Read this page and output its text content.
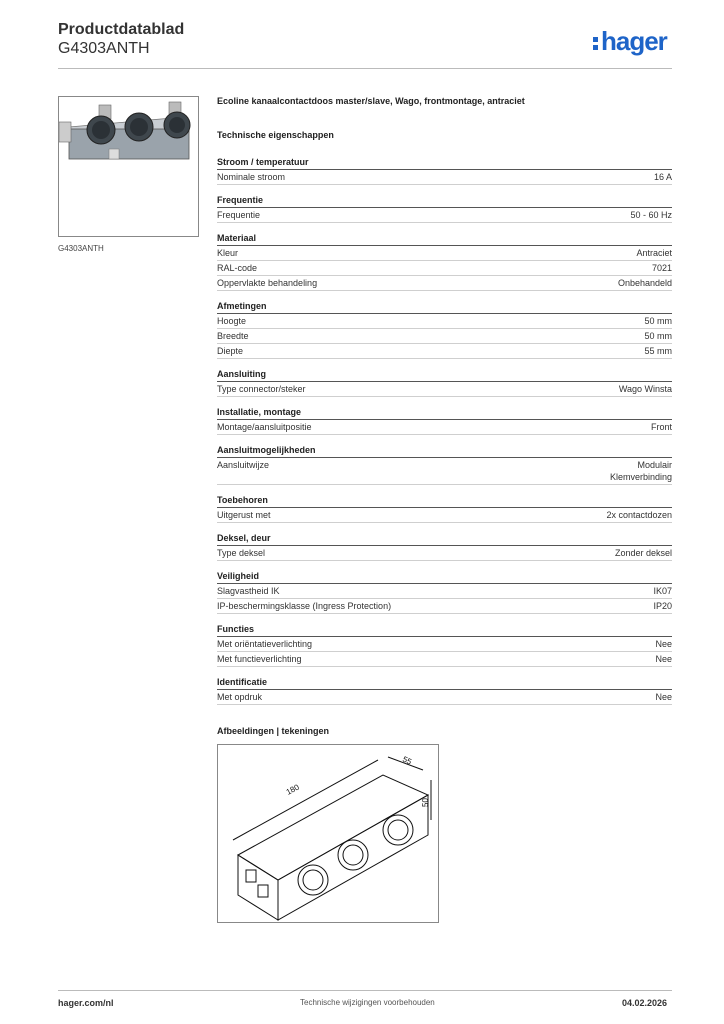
Productdatablad
G4303ANTH	hager
G4303ANTH
Ecoline kanaalcontactdoos master/slave, Wago, frontmontage, antraciet
Technische eigenschappen
Stroom / temperatuur
Nominale stroom	16 A
Frequentie
Frequentie	50 - 60 Hz
Materiaal
Kleur	Antraciet
RAL-code	7021
Oppervlakte behandeling	Onbehandeld
Afmetingen
Hoogte	50 mm
Breedte	50 mm
Diepte	55 mm
Aansluiting
Type connector/steker	Wago Winsta
Installatie, montage
Montage/aansluitpositie	Front
Aansluitmogelijkheden
Aansluitwijze	Modulair
Klemverbinding
Toebehoren
Uitgerust met	2x contactdozen
Deksel, deur
Type deksel	Zonder deksel
Veiligheid
Slagvastheid IK	IK07
IP-beschermingsklasse (Ingress Protection)	IP20
Functies
Met oriëntatieverlichting	Nee
Met functieverlichting	Nee
Identificatie
Met opdruk	Nee
Afbeeldingen | tekeningen
180
55
50
hager.com/nl	Technische wijzigingen voorbehouden	04.02.2026
